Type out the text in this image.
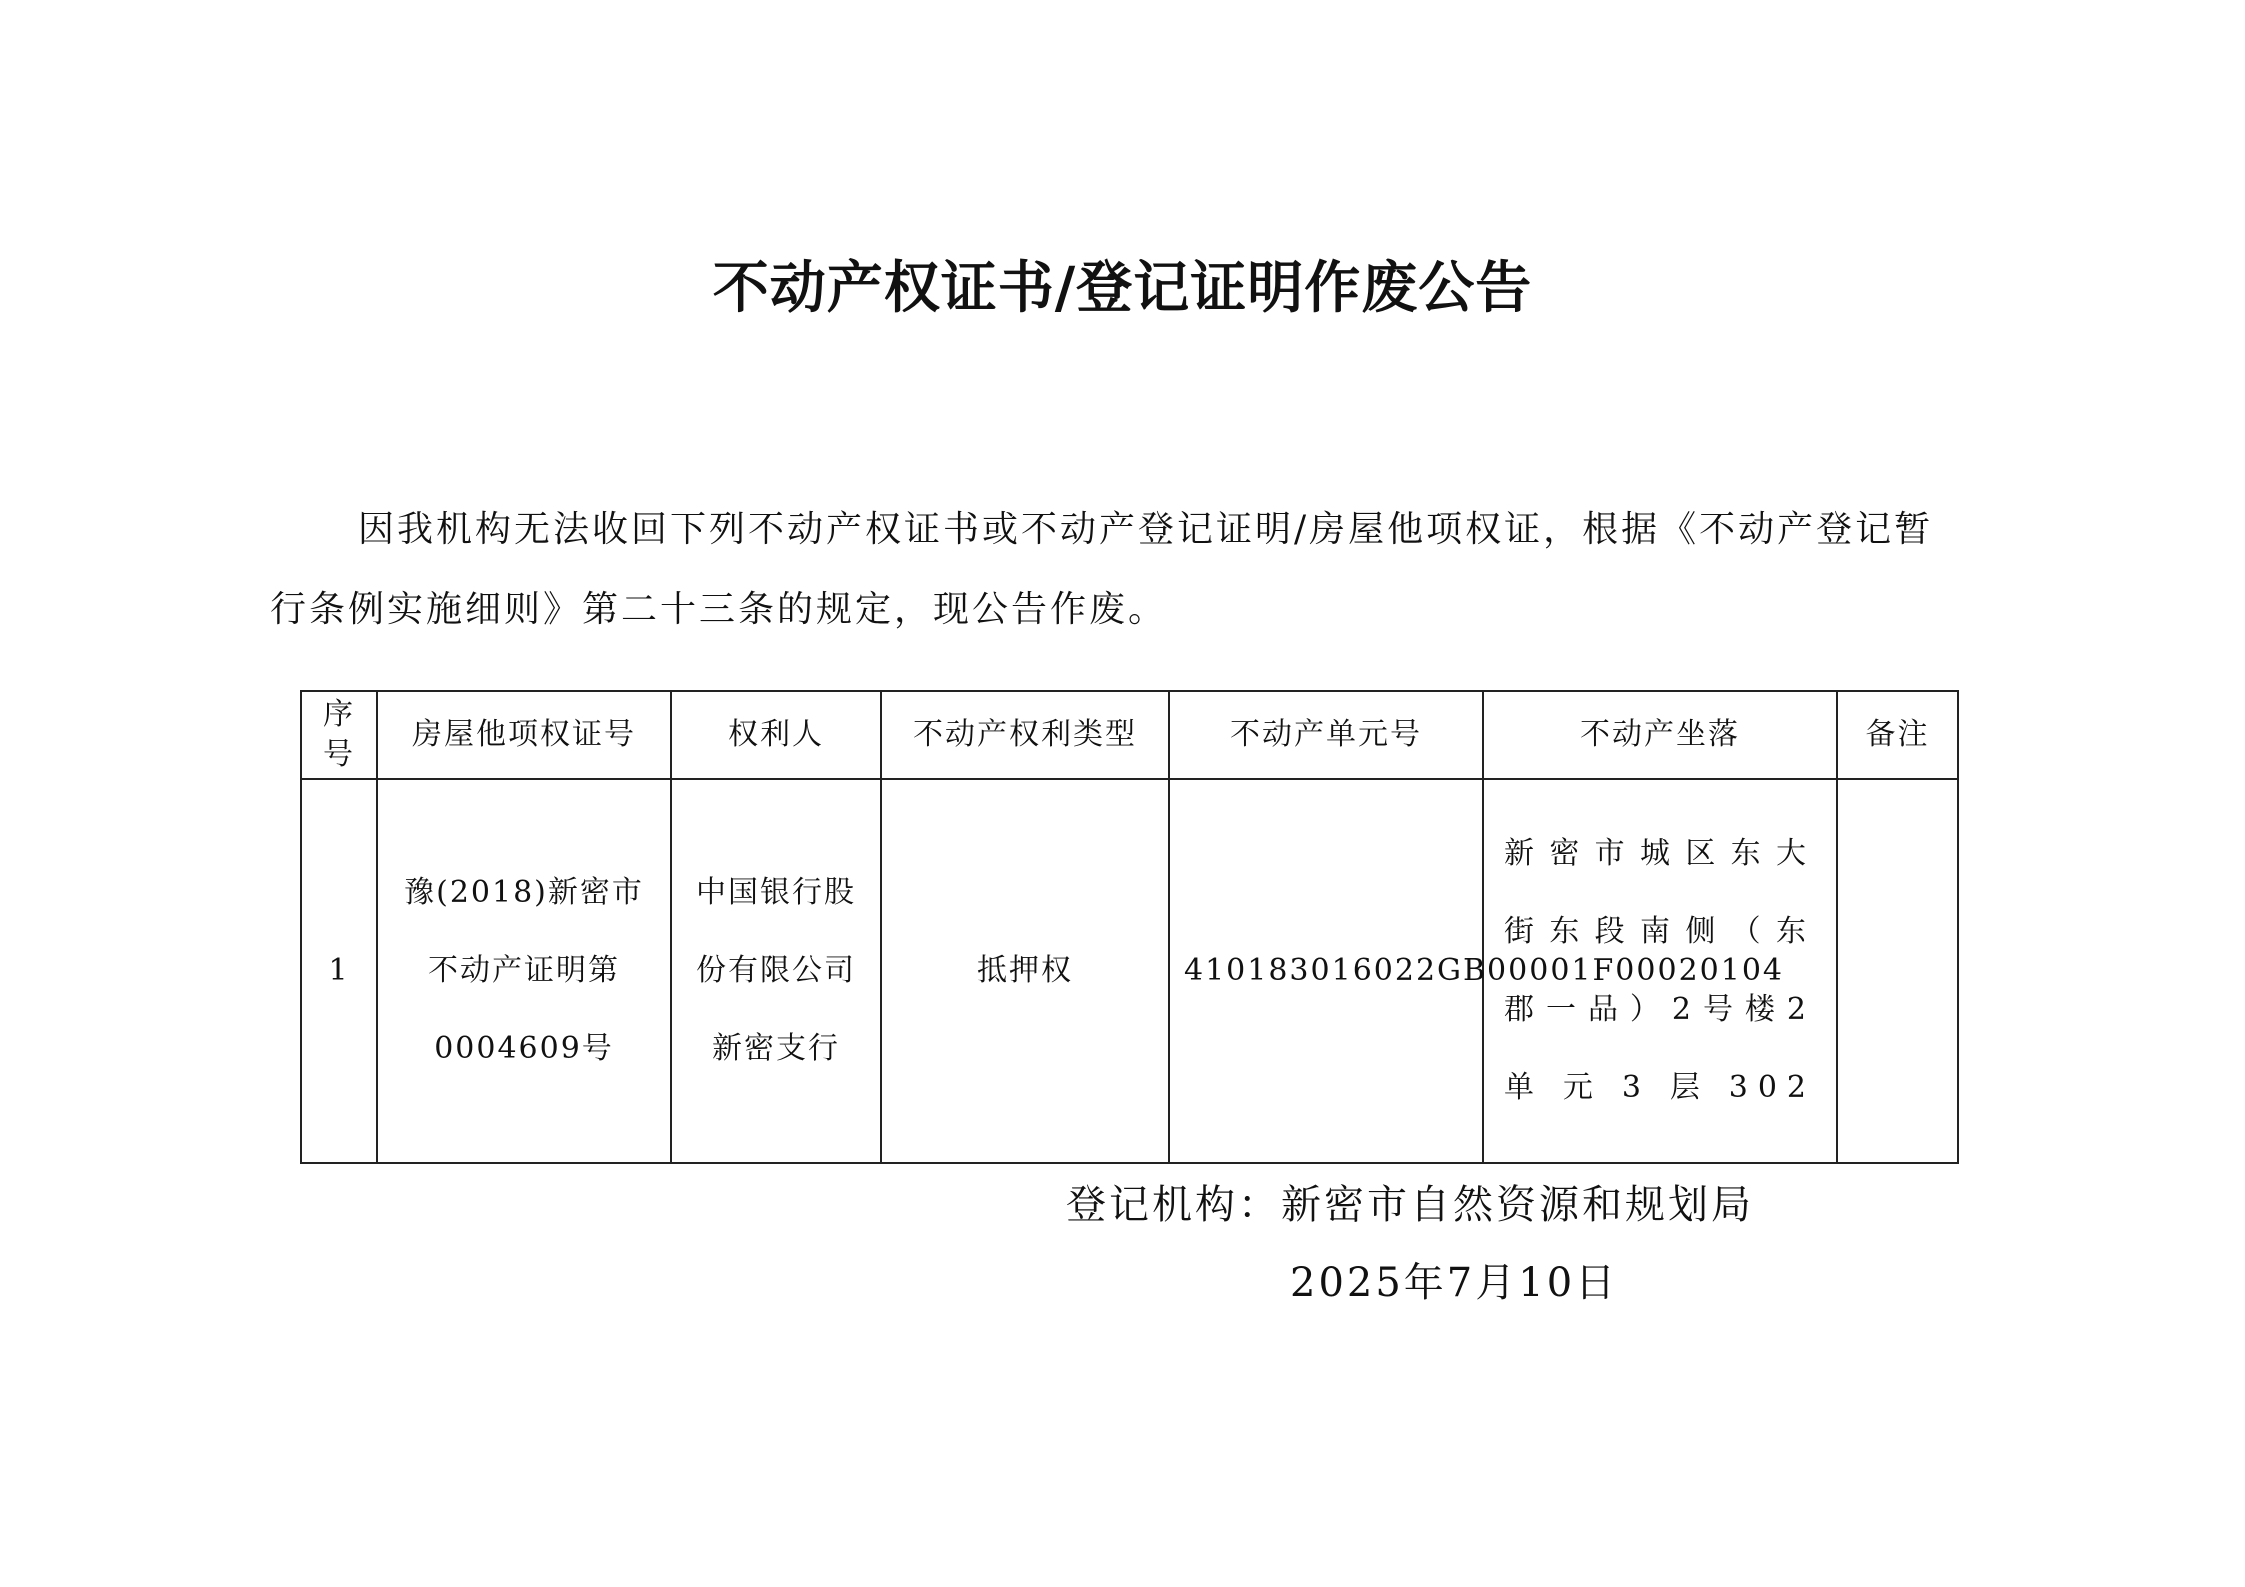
不动产权证书/登记证明作废公告

因我机构无法收回下列不动产权证书或不动产登记证明/房屋他项权证，根据《不动产登记暂行条例实施细则》第二十三条的规定，现公告作废。

序号	房屋他项权证号	权利人	不动产权利类型	不动产单元号	不动产坐落	备注
1	豫(2018)新密市不动产证明第0004609号	中国银行股份有限公司新密支行	抵押权	410183016022GB00001F00020104	新密市城区东大街东段南侧（东郡一品）2号楼2单元3层302	
登记机构：新密市自然资源和规划局
2025年7月10日
